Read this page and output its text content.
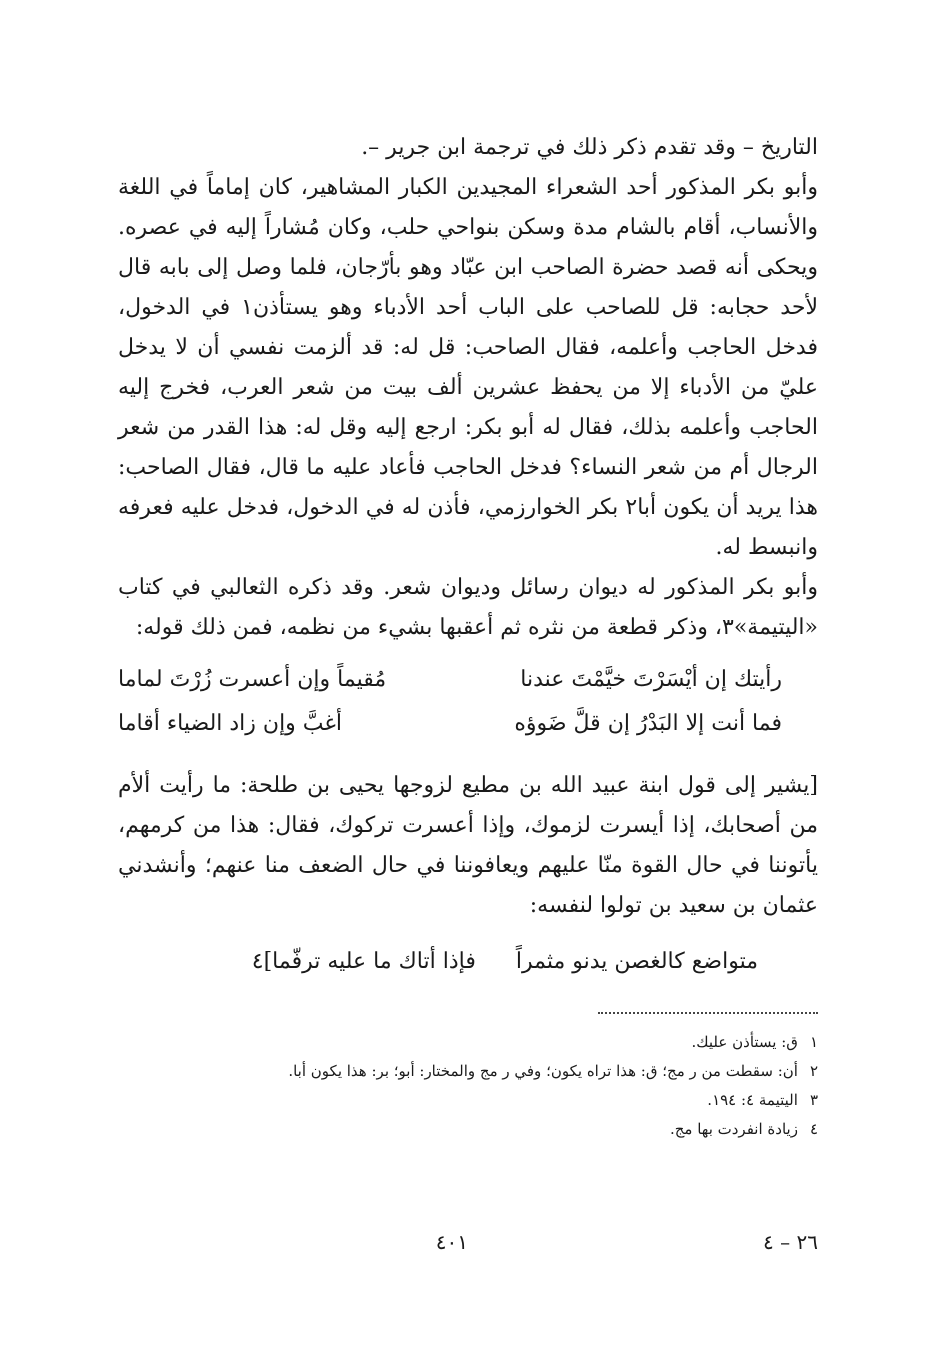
التاريخ – وقد تقدم ذكر ذلك في ترجمة ابن جرير –.

وأبو بكر المذكور أحد الشعراء المجيدين الكبار المشاهير، كان إماماً في اللغة والأنساب، أقام بالشام مدة وسكن بنواحي حلب، وكان مُشاراً إليه في عصره. ويحكى أنه قصد حضرة الصاحب ابن عبّاد وهو بأرّجان، فلما وصل إلى بابه قال لأحد حجابه: قل للصاحب على الباب أحد الأدباء وهو يستأذن١ في الدخول، فدخل الحاجب وأعلمه، فقال الصاحب: قل له: قد ألزمت نفسي أن لا يدخل عليّ من الأدباء إلا من يحفظ عشرين ألف بيت من شعر العرب، فخرج إليه الحاجب وأعلمه بذلك، فقال له أبو بكر: ارجع إليه وقل له: هذا القدر من شعر الرجال أم من شعر النساء؟ فدخل الحاجب فأعاد عليه ما قال، فقال الصاحب: هذا يريد أن يكون أبا٢ بكر الخوارزمي، فأذن له في الدخول، فدخل عليه فعرفه وانبسط له.

وأبو بكر المذكور له ديوان رسائل وديوان شعر. وقد ذكره الثعالبي في كتاب «اليتيمة»٣، وذكر قطعة من نثره ثم أعقبها بشيء من نظمه، فمن ذلك قوله:

رأيتك إن أيْسَرْتَ خيَّمْتَ عندنا
مُقيماً وإن أعسرت زُرْتَ لماما
فما أنت إلا البَدْرُ إن قلَّ ضَوؤه
أغبَّ وإن زاد الضياء أقاما

[يشير إلى قول ابنة عبيد الله بن مطيع لزوجها يحيى بن طلحة: ما رأيت ألأم من أصحابك، إذا أيسرت لزموك، وإذا أعسرت تركوك، فقال: هذا من كرمهم، يأتوننا في حال القوة منّا عليهم ويعافوننا في حال الضعف منا عنهم؛ وأنشدني عثمان بن سعيد بن تولوا لنفسه:

متواضع كالغصن يدنو مثمراً
فإذا أتاك ما عليه ترفّما]٤
١
ق: يستأذن عليك.
٢
أن: سقطت من ر مج؛ ق: هذا تراه يكون؛ وفي ر مج والمختار: أبو؛ بر: هذا يكون أبا.
٣
اليتيمة ٤: ١٩٤.
٤
زيادة انفردت بها مج.
٢٦ – ٤
٤٠١
